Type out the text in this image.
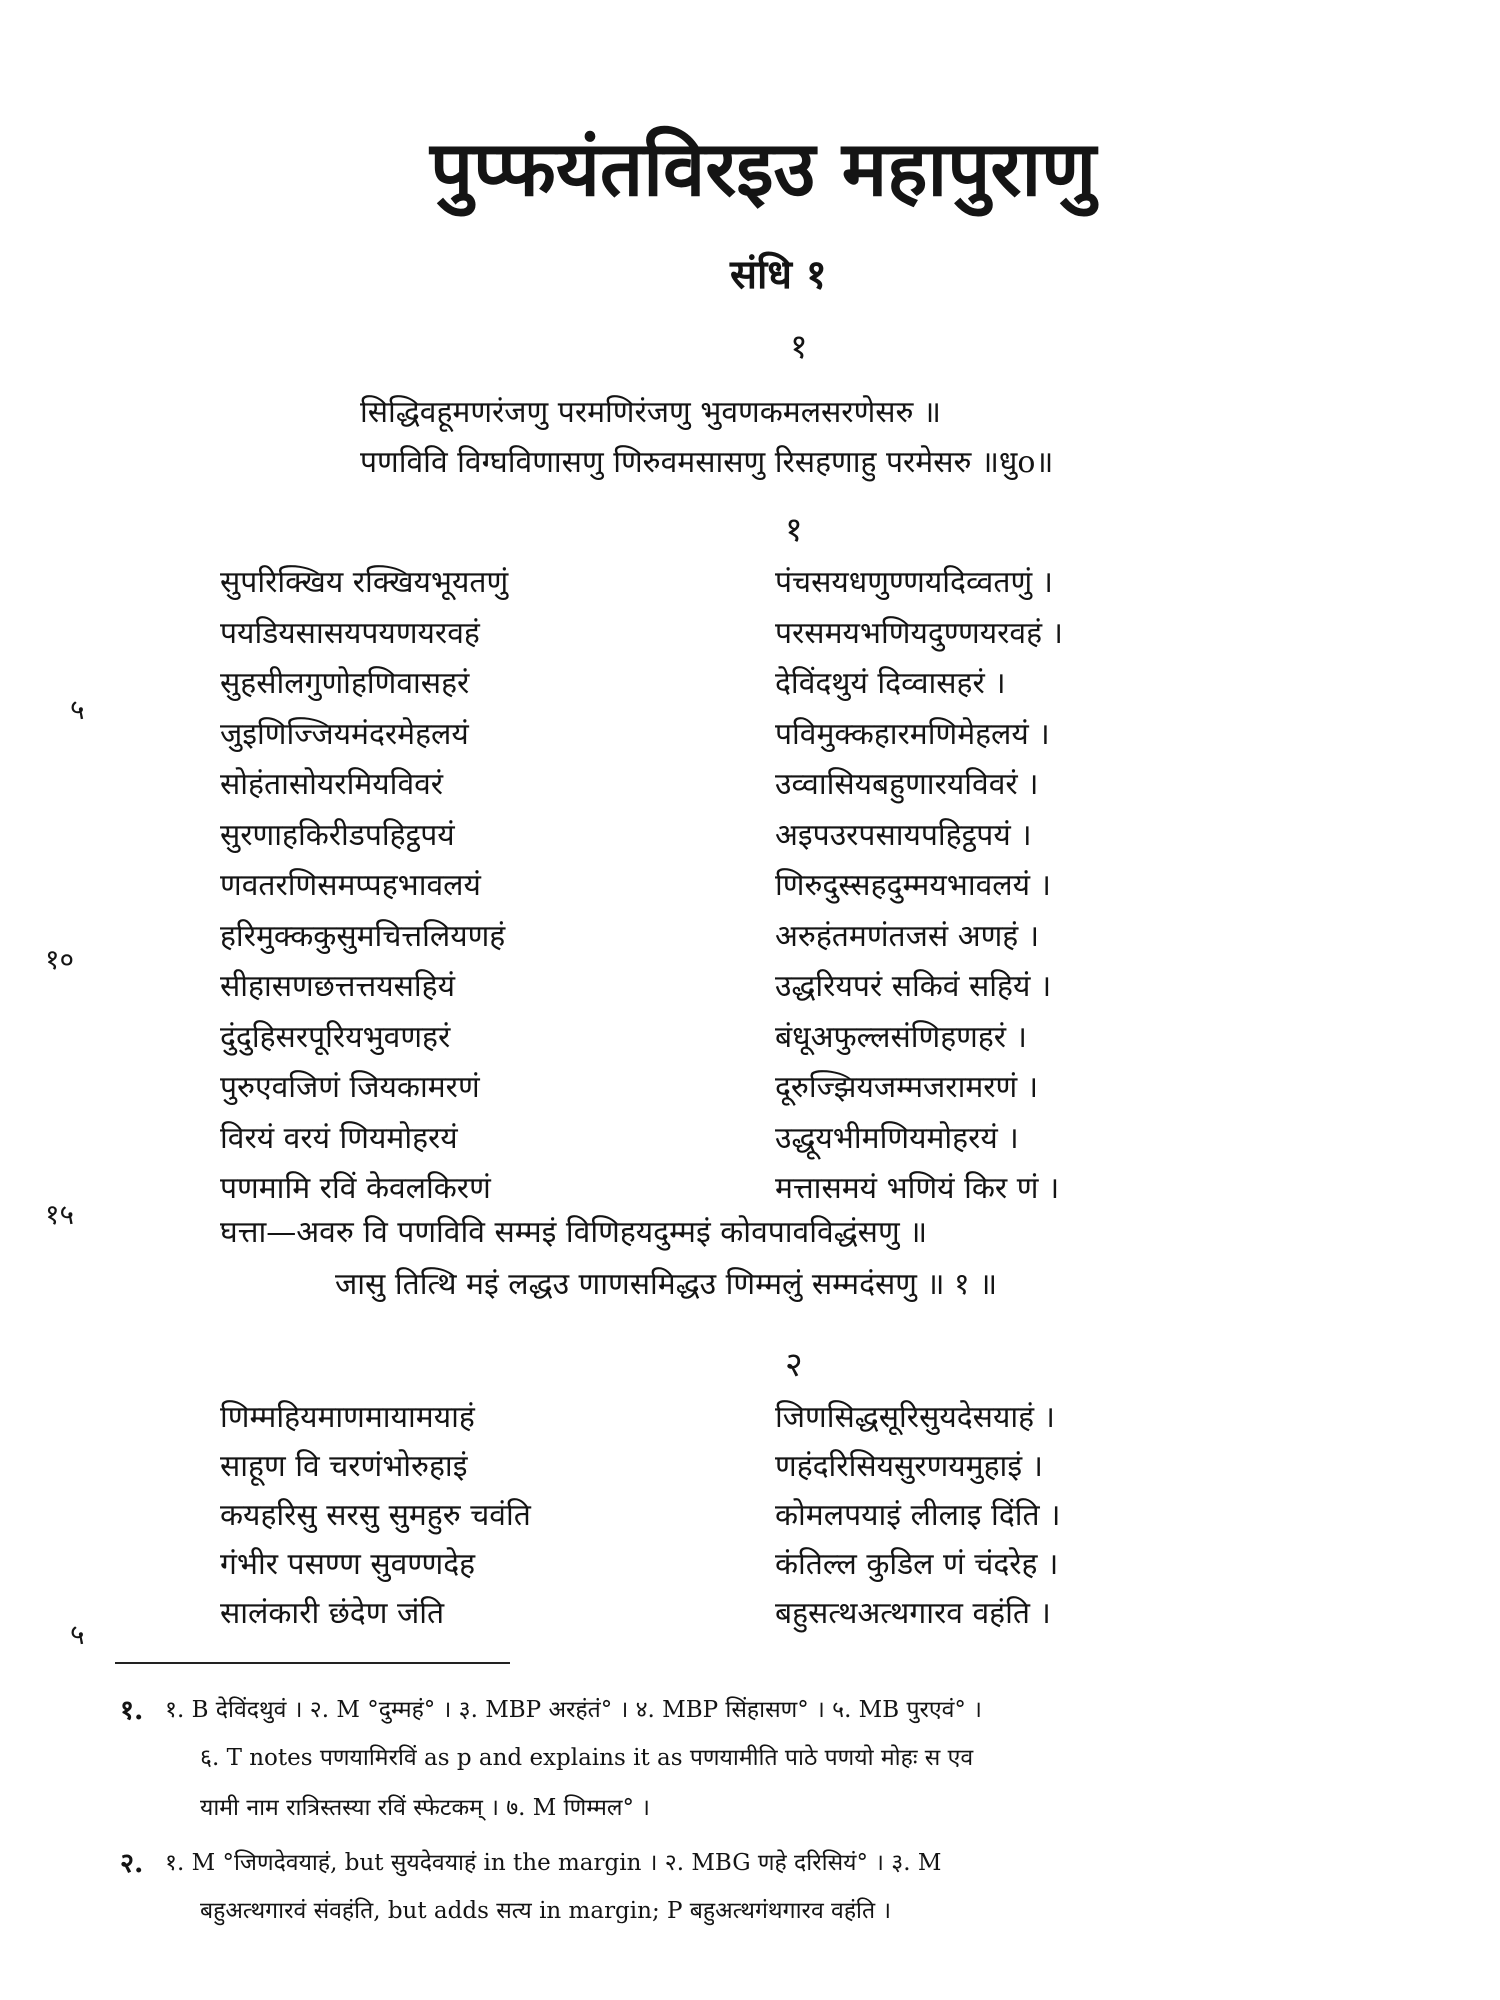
पुप्फयंतविरइउ महापुराणु
संधि १
१
सिद्धिवहूमणरंजणु परमणिरंजणु भुवणकमलसरणेसरु ॥
पणविवि विग्घविणासणु णिरुवमसासणु रिसहणाहु परमेसरु ॥धुo॥
१
सुपरिक्खिय रक्खियभूयतणुं	पंचसयधणुण्णयदिव्वतणुं ।
पयडियसासयपयणयरवहं	परसमयभणियदुण्णयरवहं ।
सुहसीलगुणोहणिवासहरं	देविंदथुयं दिव्वासहरं ।
जुइणिज्जियमंदरमेहलयं	पविमुक्कहारमणिमेहलयं ।
सोहंतासोयरमियविवरं	उव्वासियबहुणारयविवरं ।
सुरणाहकिरीडपहिट्ठपयं	अइपउरपसायपहिट्ठपयं ।
णवतरणिसमप्पहभावलयं	णिरुदुस्सहदुम्मयभावलयं ।
हरिमुक्ककुसुमचित्तलियणहं	अरुहंतमणंतजसं अणहं ।
सीहासणछत्तत्तयसहियं	उद्धरियपरं सकिवं सहियं ।
दुंदुहिसरपूरियभुवणहरं	बंधूअफुल्लसंणिहणहरं ।
पुरुएवजिणं जियकामरणं	दूरुज्झियजम्मजरामरणं ।
विरयं वरयं णियमोहरयं	उद्धूयभीमणियमोहरयं ।
पणमामि रविं केवलकिरणं	मत्तासमयं भणियं किर णं ।
घत्ता—अवरु वि पणविवि सम्मइं विणिहयदुम्मइं कोवपावविद्धंसणु ॥
जासु तित्थि मइं लद्धउ णाणसमिद्धउ णिम्मलुं सम्मदंसणु ॥ १ ॥
२
णिम्महियमाणमायामयाहं	जिणसिद्धसूरिसुयदेसयाहं ।
साहूण वि चरणंभोरुहाइं	णहंदरिसियसुरणयमुहाइं ।
कयहरिसु सरसु सुमहुरु चवंति	कोमलपयाइं लीलाइ दिंति ।
गंभीर पसण्ण सुवण्णदेह	कंतिल्ल कुडिल णं चंदरेह ।
सालंकारी छंदेण जंति	बहुसत्थअत्थगारव वहंति ।
५
१०
१५
५
१. १. B देविंदथुवं । २. M °दुम्महं° । ३. MBP अरहंतं° । ४. MBP सिंहासण° । ५. MB पुरएवं° ।
६. T notes पणयामिरविं as p and explains it as पणयामीति पाठे पणयो मोहः स एव
यामी नाम रात्रिस्तस्या रविं स्फेटकम् । ७. M णिम्मल° ।
२. १. M °जिणदेवयाहं, but सुयदेवयाहं in the margin । २. MBG णहे दरिसियं° । ३. M
बहुअत्थगारवं संवहंति, but adds सत्य in margin; P बहुअत्थगंथगारव वहंति ।
